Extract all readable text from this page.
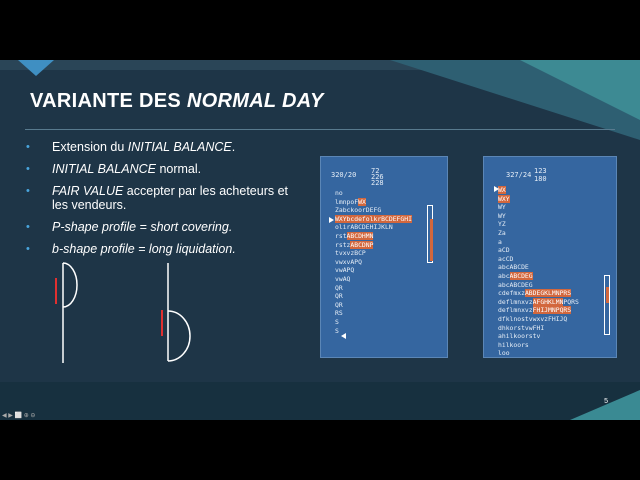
VARIANTE DES NORMAL DAY
• Extension du INITIAL BALANCE.
• INITIAL BALANCE normal.
• FAIR VALUE accepter par les acheteurs et les vendeurs.
• P-shape profile = short covering.
• b-shape profile = long liquidation.
320/20 72
226
228
no
lmnpoFWX
ZabckoorDEFG
WXYbcdefolkrBCDEFGHI
olirABCDEHIJKLN
rstABCDHMN
rstzABCDNP
tvxvzBCP
vwxvAPQ
vwAPQ
vwAQ
QR
QR
QR
RS
S
S
327/24 123
180
WX
WXY
WY
WY
YZ
Za
a
aCD
acCD
abcABCDE
abcABCDEG
abcABCDEG
cdefmxzABDEGKLMNPRS
deflmnxvzAFGHKLMNPQRS
deflmnxvzFHIJMNPQRS
dfklnostvwxvzFHIJQ
dhkorstvwFHI
ahilkoorstv
hilkoors
loo
5
◀ ▶ ⬜ ⊕ ⊖
